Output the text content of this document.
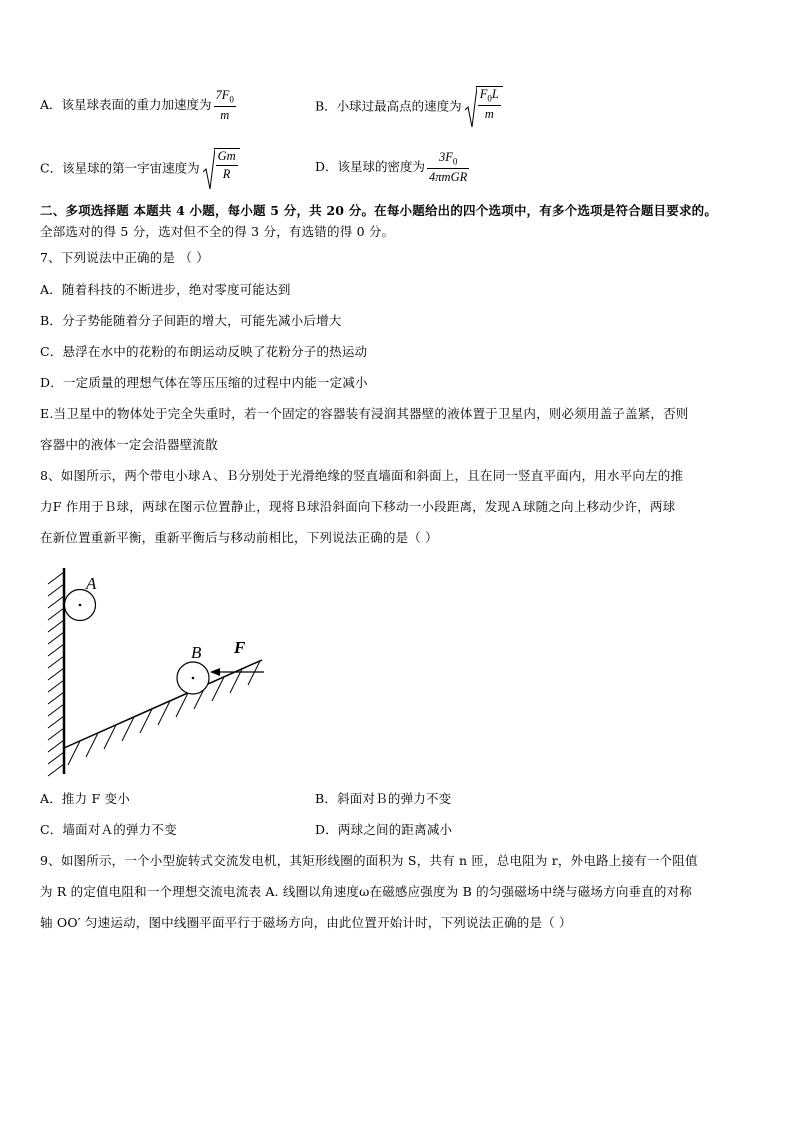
A．该星球表面的重力加速度为 $\frac{7F_0}{m}$	B．小球过最高点的速度为 $\frac{F_0L}{m}$
C．该星球的第一宇宙速度为 $\frac{Gm}{R}$	D．该星球的密度为 $\frac{3F_0}{\text{4πmGR}}$
二、多项选择题 本题共 4 小题，每小题 5 分，共 20 分。在每小题给出的四个选项中，有多个选项是符合题目要求的。
全部选对的得 5 分，选对但不全的得 3 分，有选错的得 0 分。
7、下列说法中正确的是 （ ）
A．随着科技的不断进步，绝对零度可能达到
B．分子势能随着分子间距的增大，可能先减小后增大
C．悬浮在水中的花粉的布朗运动反映了花粉分子的热运动
D．一定质量的理想气体在等压压缩的过程中内能一定减小
E.当卫星中的物体处于完全失重时，若一个固定的容器装有浸润其器壁的液体置于卫星内，则必须用盖子盖紧，否则
容器中的液体一定会沿器壁流散
8、如图所示，两个带电小球Ａ、Ｂ分别处于光滑绝缘的竖直墙面和斜面上，且在同一竖直平面内，用水平向左的推
力F 作用于Ｂ球，两球在图示位置静止，现将Ｂ球沿斜面向下移动一小段距离，发现Ａ球随之向上移动少许，两球
在新位置重新平衡，重新平衡后与移动前相比，下列说法正确的是（ ）
A
B F
A．推力 F 变小	B．斜面对Ｂ的弹力不变
C．墙面对Ａ的弹力不变	D．两球之间的距离减小
9、如图所示，一个小型旋转式交流发电机，其矩形线圈的面积为 S，共有 n 匝，总电阻为 r，外电路上接有一个阻值
为 R 的定值电阻和一个理想交流电流表 A. 线圈以角速度ω在磁感应强度为 B 的匀强磁场中绕与磁场方向垂直的对称
轴 OO′ 匀速运动，图中线圈平面平行于磁场方向，由此位置开始计时，下列说法正确的是（ ）
